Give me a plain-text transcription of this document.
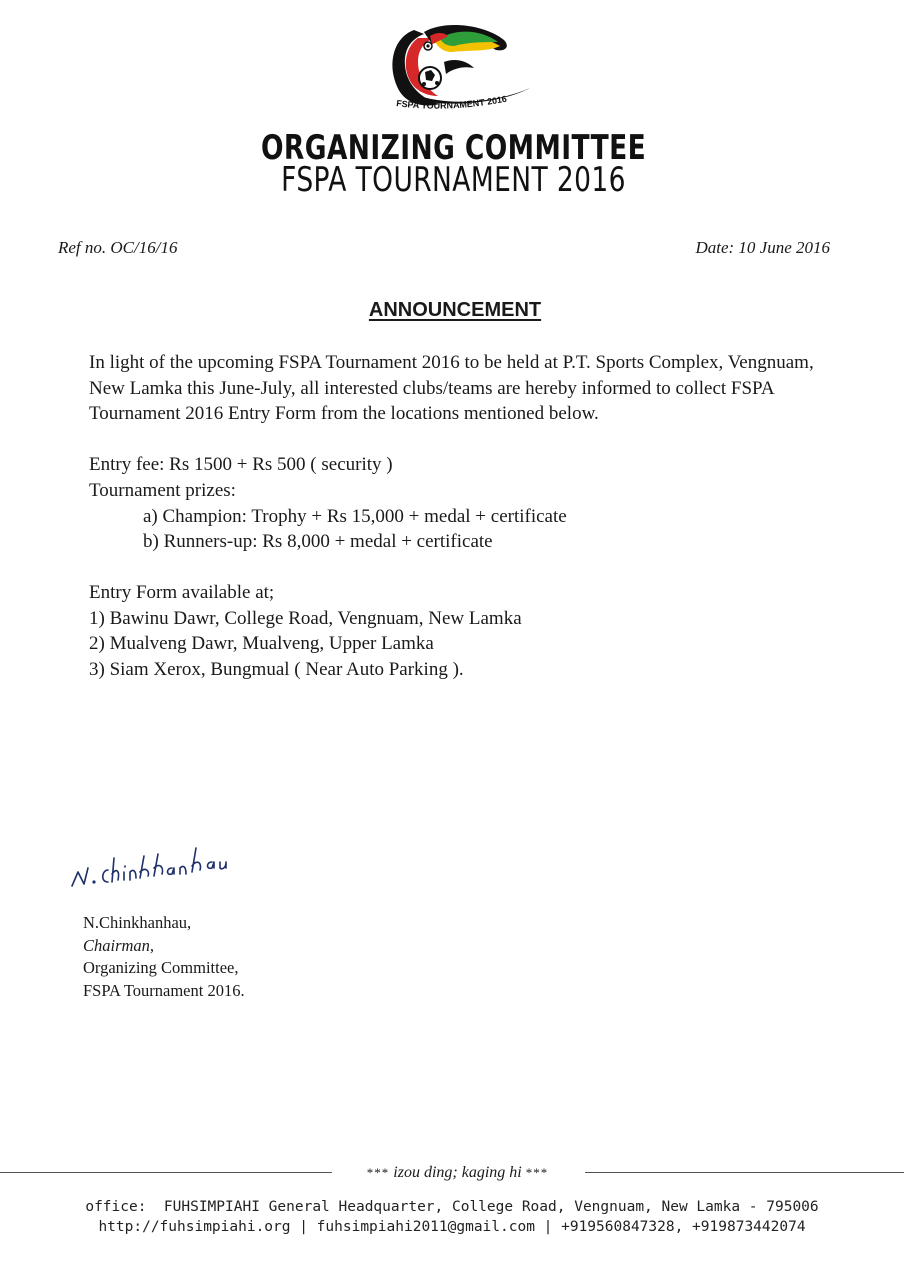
FSPA TOURNAMENT 2016
ORGANIZING COMMITTEE
FSPA TOURNAMENT 2016
Ref no. OC/16/16	Date: 10 June 2016
ANNOUNCEMENT
In light of the upcoming FSPA Tournament 2016 to be held at P.T. Sports Complex, Vengnuam, New Lamka this June-July, all interested clubs/teams are hereby informed to collect FSPA Tournament 2016 Entry Form from the locations mentioned below.
Entry fee: Rs 1500 + Rs 500 ( security )
Tournament prizes:
a) Champion: Trophy + Rs 15,000 + medal + certificate
b) Runners-up: Rs 8,000 + medal + certificate
Entry Form available at;
1) Bawinu Dawr, College Road, Vengnuam, New Lamka
2) Mualveng Dawr, Mualveng, Upper Lamka
3) Siam Xerox, Bungmual ( Near Auto Parking ).
N.Chinkhanhau,
Chairman,
Organizing Committee,
FSPA Tournament 2016.
*** izou ding; kaging hi ***
office:  FUHSIMPIAHI General Headquarter, College Road, Vengnuam, New Lamka - 795006
http://fuhsimpiahi.org | fuhsimpiahi2011@gmail.com | +919560847328, +919873442074
